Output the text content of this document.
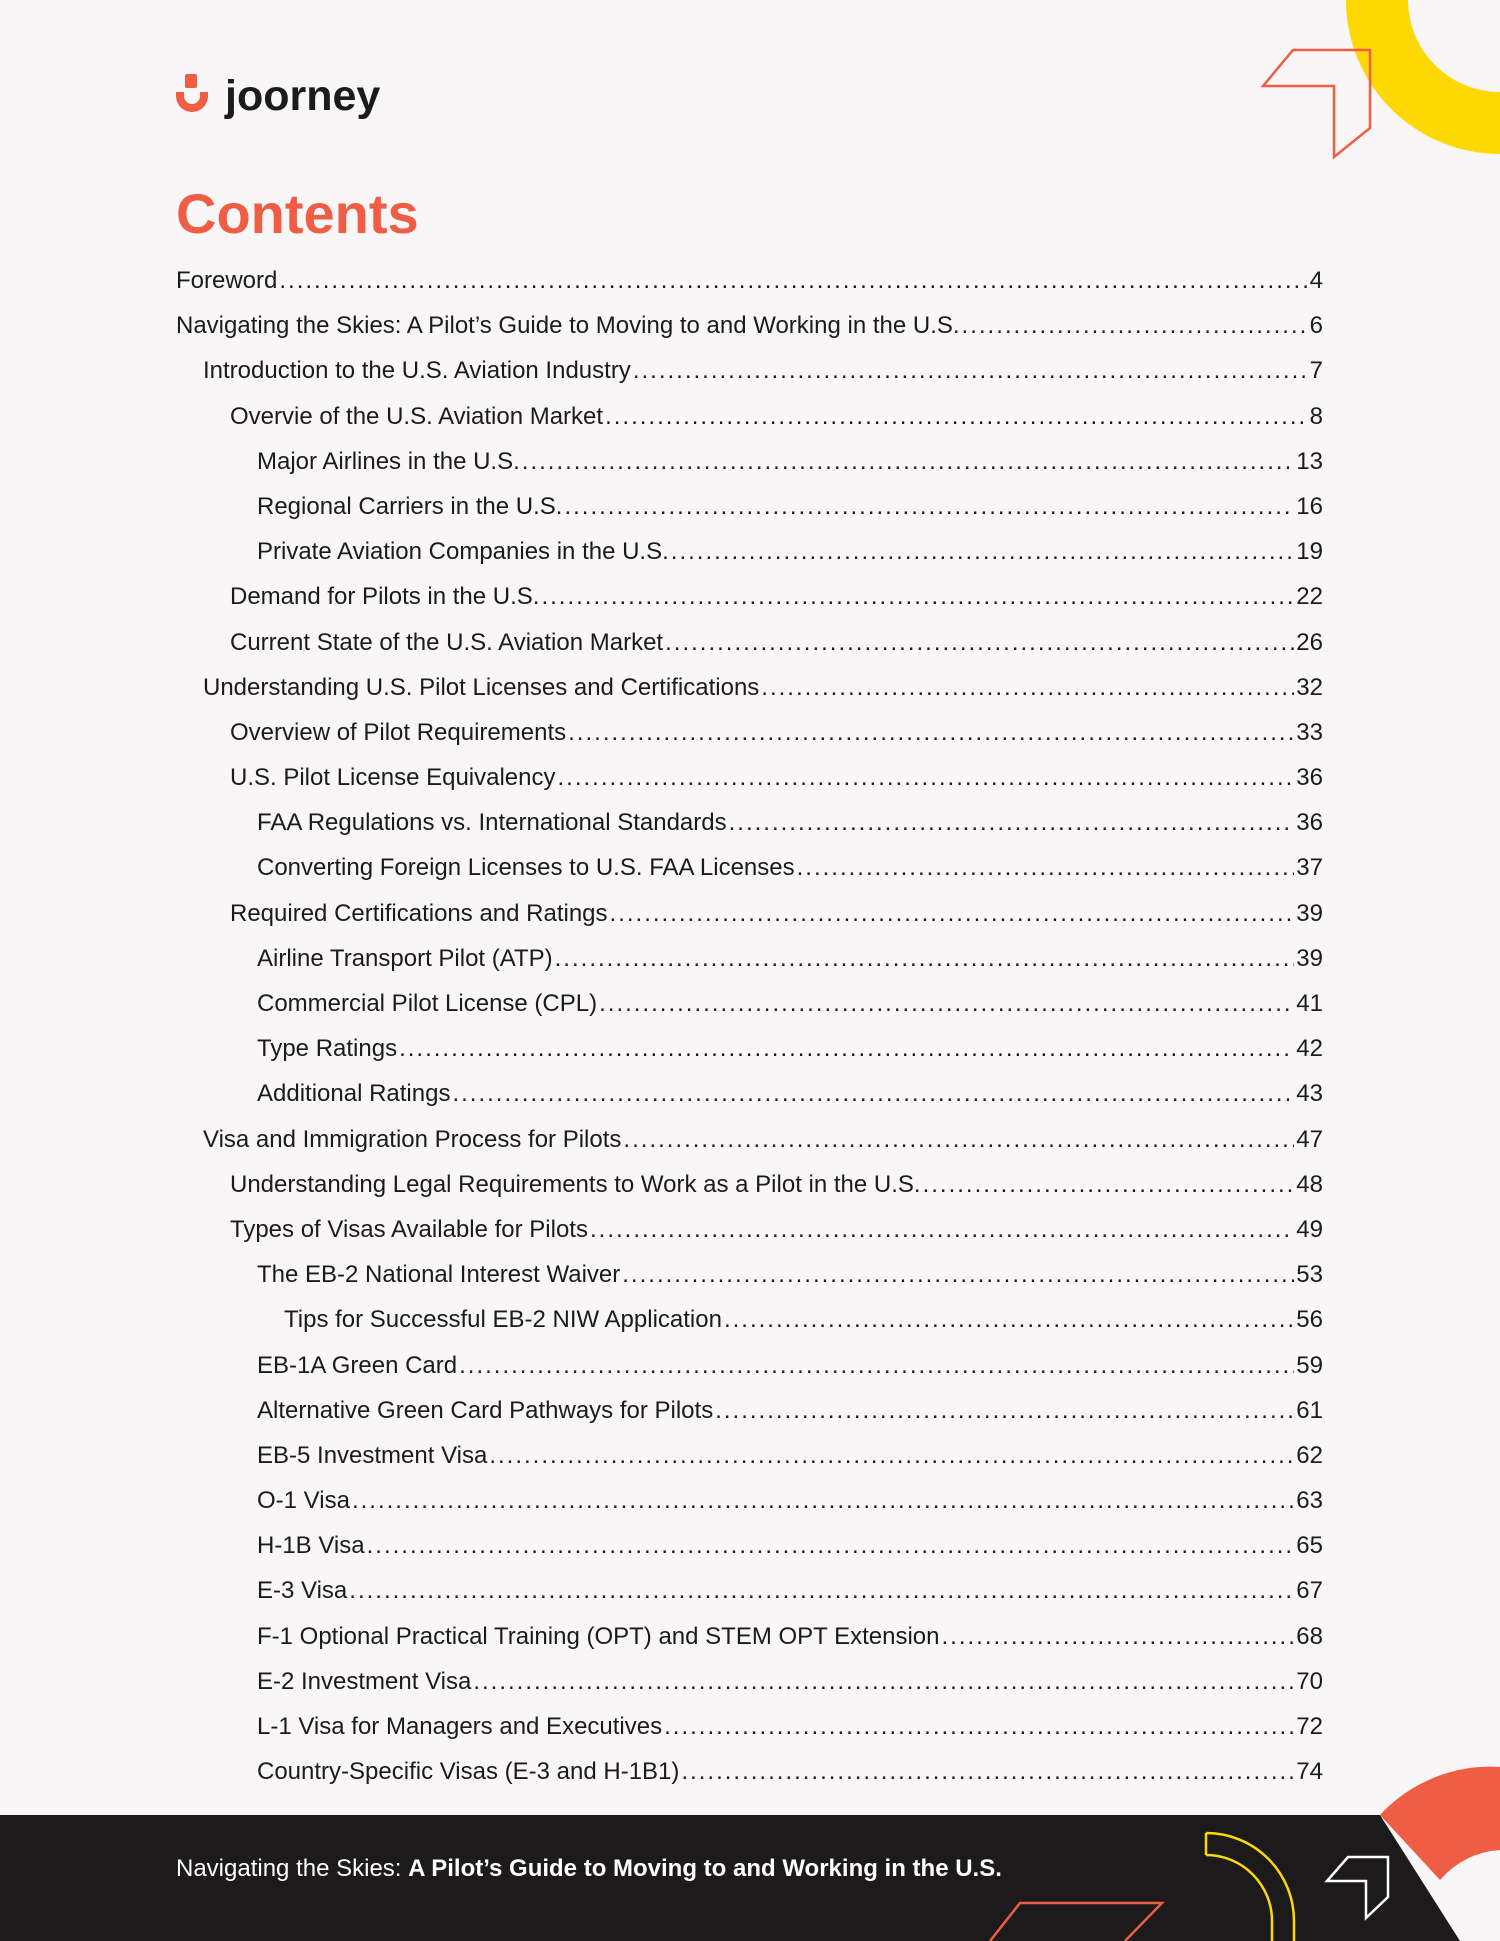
joorney
Contents
Foreword .....	4
Navigating the Skies: A Pilot’s Guide to Moving to and Working in the U.S. .....	6
Introduction to the U.S. Aviation Industry .....	7
Overvie of the U.S. Aviation Market .....	8
Major Airlines in the U.S. .....	13
Regional Carriers in the U.S. .....	16
Private Aviation Companies in the U.S. .....	19
Demand for Pilots in the U.S. .....	22
Current State of the U.S. Aviation Market .....	26
Understanding U.S. Pilot Licenses and Certifications .....	32
Overview of Pilot Requirements .....	33
U.S. Pilot License Equivalency .....	36
FAA Regulations vs. International Standards .....	36
Converting Foreign Licenses to U.S. FAA Licenses .....	37
Required Certifications and Ratings .....	39
Airline Transport Pilot (ATP) .....	39
Commercial Pilot License (CPL) .....	41
Type Ratings .....	42
Additional Ratings .....	43
Visa and Immigration Process for Pilots .....	47
Understanding Legal Requirements to Work as a Pilot in the U.S. .....	48
Types of Visas Available for Pilots .....	49
The EB-2 National Interest Waiver .....	53
Tips for Successful EB-2 NIW Application .....	56
EB-1A Green Card .....	59
Alternative Green Card Pathways for Pilots .....	61
EB-5 Investment Visa .....	62
O-1 Visa .....	63
H-1B Visa .....	65
E-3 Visa .....	67
F-1 Optional Practical Training (OPT) and STEM OPT Extension .....	68
E-2 Investment Visa .....	70
L-1 Visa for Managers and Executives .....	72
Country-Specific Visas (E-3 and H-1B1) .....	74
Navigating the Skies: A Pilot’s Guide to Moving to and Working in the U.S.
